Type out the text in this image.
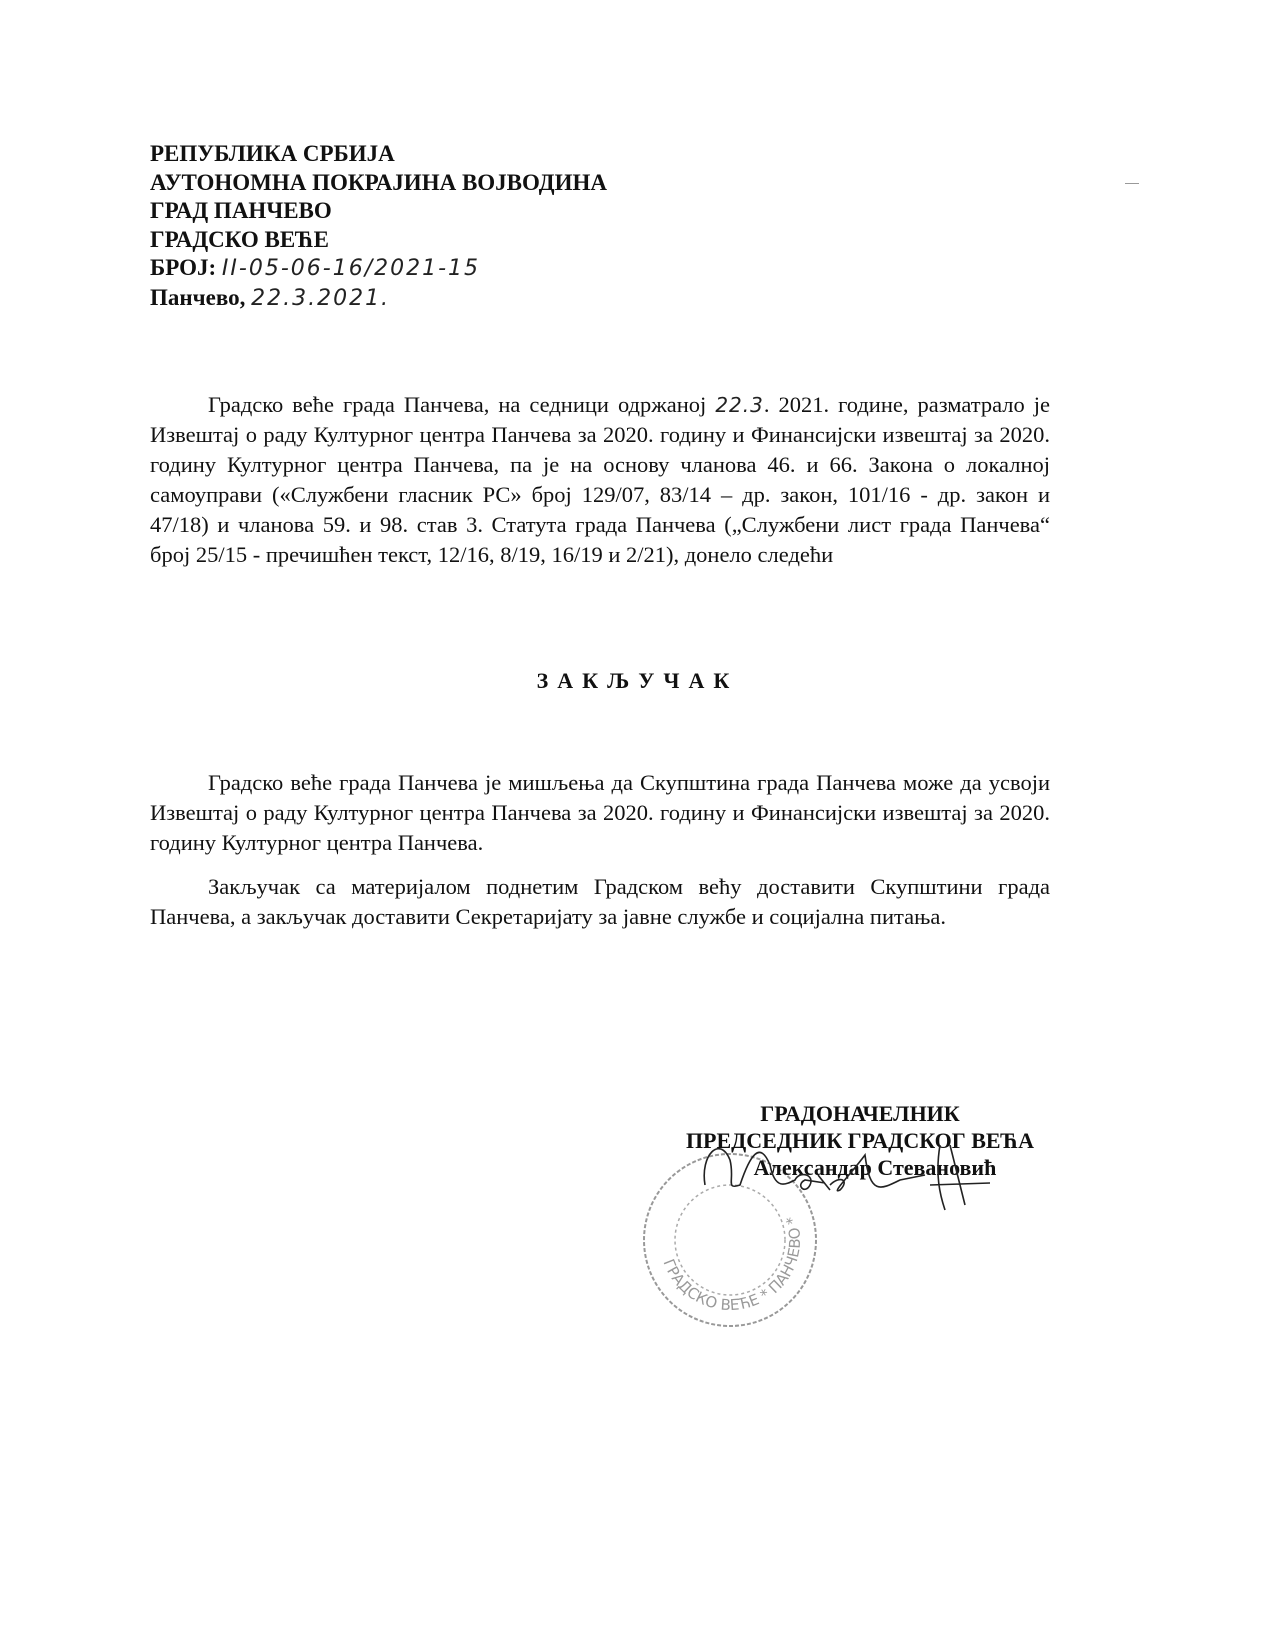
РЕПУБЛИКА СРБИЈА
АУТОНОМНА ПОКРАЈИНА ВОЈВОДИНА
ГРАД ПАНЧЕВО
ГРАДСКО ВЕЋЕ
БРОЈ: II-05-06-16/2021-15
Панчево, 22.3.2021.
Градско веће града Панчева, на седници одржаној 22.3. 2021. године, разматрало је Извештај о раду Културног центра Панчева за 2020. годину и Финансијски извештај за 2020. годину Културног центра Панчева, па је на основу чланова 46. и 66. Закона о локалној самоуправи («Службени гласник РС» број 129/07, 83/14 – др. закон, 101/16 - др. закон и 47/18) и чланова 59. и 98. став 3. Статута града Панчева („Службени лист града Панчева“ број 25/15 - пречишћен текст, 12/16, 8/19, 16/19 и 2/21), донело следећи
ЗАКЉУЧАК
Градско веће града Панчева је мишљења да Скупштина града Панчева може да усвоји Извештај о раду Културног центра Панчева за 2020. годину и Финансијски извештај за 2020. годину Културног центра Панчева.
Закључак са материјалом поднетим Градском већу доставити Скупштини града Панчева, а закључак доставити Секретаријату за јавне службе и социјална питања.
ГРАДСКО ВЕЋЕ * ПАНЧЕВО *
ГРАДОНАЧЕЛНИК
ПРЕДСЕДНИК ГРАДСКОГ ВЕЋА
Александар Стевановић
